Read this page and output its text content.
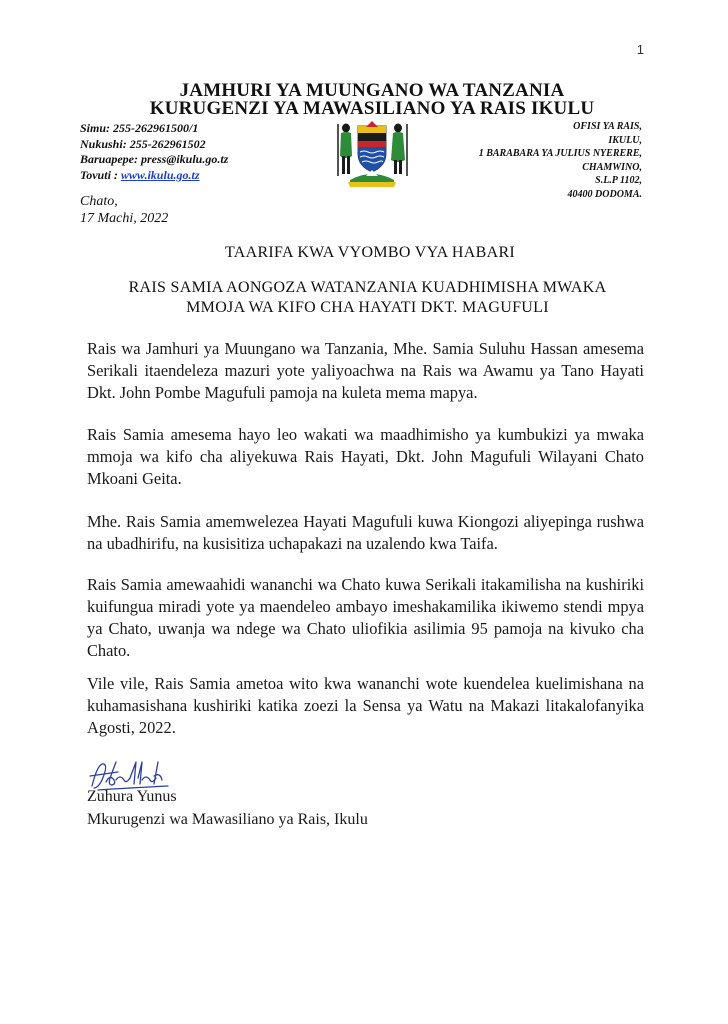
1
JAMHURI YA MUUNGANO WA TANZANIA
KURUGENZI YA MAWASILIANO YA RAIS IKULU
Simu: 255-262961500/1
Nukushi: 255-262961502
Baruapepe: press@ikulu.go.tz
Tovuti : www.ikulu.go.tz
OFISI YA RAIS,
IKULU,
1 BARABARA YA JULIUS NYERERE,
CHAMWINO,
S.L.P 1102,
40400 DODOMA.
Chato,
17 Machi, 2022
TAARIFA KWA VYOMBO VYA HABARI
RAIS SAMIA AONGOZA WATANZANIA KUADHIMISHA MWAKA
MMOJA WA KIFO CHA HAYATI DKT. MAGUFULI
Rais wa Jamhuri ya Muungano wa Tanzania, Mhe. Samia Suluhu Hassan amesema Serikali itaendeleza mazuri yote yaliyoachwa na Rais wa Awamu ya Tano Hayati Dkt. John Pombe Magufuli pamoja na kuleta mema mapya.
Rais Samia amesema hayo leo wakati wa maadhimisho ya kumbukizi ya mwaka mmoja wa kifo cha aliyekuwa Rais Hayati, Dkt. John Magufuli Wilayani Chato Mkoani Geita.
Mhe. Rais Samia amemwelezea Hayati Magufuli kuwa Kiongozi aliyepinga rushwa na ubadhirifu, na kusisitiza uchapakazi na uzalendo kwa Taifa.
Rais Samia amewaahidi wananchi wa Chato kuwa Serikali itakamilisha na kushiriki kuifungua miradi yote ya maendeleo ambayo imeshakamilika ikiwemo stendi mpya ya Chato, uwanja wa ndege wa Chato uliofikia asilimia 95 pamoja na kivuko cha Chato.
Vile vile, Rais Samia ametoa wito kwa wananchi wote kuendelea kuelimishana na kuhamasishana kushiriki katika zoezi la Sensa ya Watu na Makazi litakalofanyika Agosti, 2022.
Zuhura Yunus
Mkurugenzi wa Mawasiliano ya Rais, Ikulu
